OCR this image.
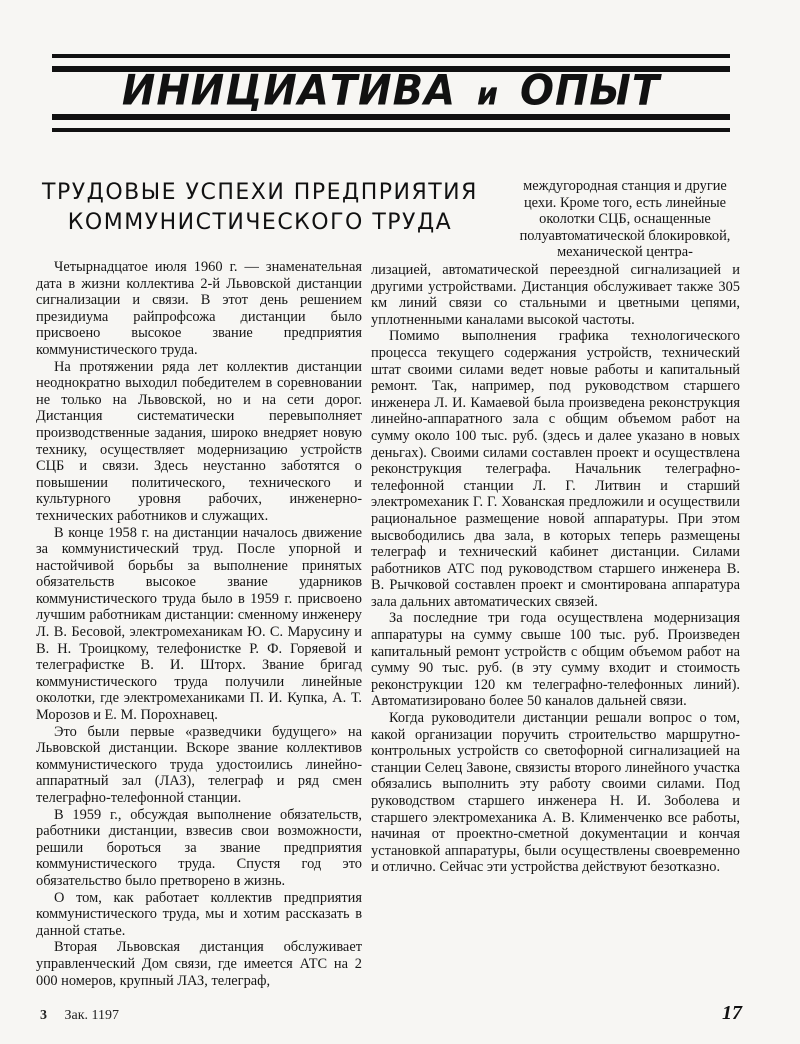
ИНИЦИАТИВА и ОПЫТ
ТРУДОВЫЕ УСПЕХИ ПРЕДПРИЯТИЯ
КОММУНИСТИЧЕСКОГО ТРУДА

междугородная станция и другие цехи. Кроме того, есть линейные околотки СЦБ, оснащенные полуавтоматической блокировкой, механической центра-

Четырнадцатое июля 1960 г. — знаменательная дата в жизни коллектива 2-й Львовской дистанции сигнализации и связи. В этот день решением президиума райпрофсожа дистанции было присвоено высокое звание предприятия коммунистического труда.

На протяжении ряда лет коллектив дистанции неоднократно выходил победителем в соревновании не только на Львовской, но и на сети дорог. Дистанция систематически перевыполняет производственные задания, широко внедряет новую технику, осуществляет модернизацию устройств СЦБ и связи. Здесь неустанно заботятся о повышении политического, технического и культурного уровня рабочих, инженерно-технических работников и служащих.

В конце 1958 г. на дистанции началось движение за коммунистический труд. После упорной и настойчивой борьбы за выполнение принятых обязательств высокое звание ударников коммунистического труда было в 1959 г. присвоено лучшим работникам дистанции: сменному инженеру Л. В. Бесовой, электромеханикам Ю. С. Марусину и В. Н. Троицкому, телефонистке Р. Ф. Горяевой и телеграфистке В. И. Шторх. Звание бригад коммунистического труда получили линейные околотки, где электромеханиками П. И. Купка, А. Т. Морозов и Е. М. Порохнавец.

Это были первые «разведчики будущего» на Львовской дистанции. Вскоре звание коллективов коммунистического труда удостоились линейно-аппаратный зал (ЛАЗ), телеграф и ряд смен телеграфно-телефонной станции.

В 1959 г., обсуждая выполнение обязательств, работники дистанции, взвесив свои возможности, решили бороться за звание предприятия коммунистического труда. Спустя год это обязательство было претворено в жизнь.

О том, как работает коллектив предприятия коммунистического труда, мы и хотим рассказать в данной статье.

Вторая Львовская дистанция обслуживает управленческий Дом связи, где имеется АТС на 2 000 номеров, крупный ЛАЗ, телеграф,

лизацией, автоматической переездной сигнализацией и другими устройствами. Дистанция обслуживает также 305 км линий связи со стальными и цветными цепями, уплотненными каналами высокой частоты.

Помимо выполнения графика технологического процесса текущего содержания устройств, технический штат своими силами ведет новые работы и капитальный ремонт. Так, например, под руководством старшего инженера Л. И. Камаевой была произведена реконструкция линейно-аппаратного зала с общим объемом работ на сумму около 100 тыс. руб. (здесь и далее указано в новых деньгах). Своими силами составлен проект и осуществлена реконструкция телеграфа. Начальник телеграфно-телефонной станции Л. Г. Литвин и старший электромеханик Г. Г. Хованская предложили и осуществили рациональное размещение новой аппаратуры. При этом высвободились два зала, в которых теперь размещены телеграф и технический кабинет дистанции. Силами работников АТС под руководством старшего инженера В. В. Рычковой составлен проект и смонтирована аппаратура зала дальних автоматических связей.

За последние три года осуществлена модернизация аппаратуры на сумму свыше 100 тыс. руб. Произведен капитальный ремонт устройств с общим объемом работ на сумму 90 тыс. руб. (в эту сумму входит и стоимость реконструкции 120 км телеграфно-телефонных линий). Автоматизировано более 50 каналов дальней связи.

Когда руководители дистанции решали вопрос о том, какой организации поручить строительство маршрутно-контрольных устройств со светофорной сигнализацией на станции Селец Завоне, связисты второго линейного участка обязались выполнить эту работу своими силами. Под руководством старшего инженера Н. И. Зоболева и старшего электромеханика А. В. Клименченко все работы, начиная от проектно-сметной документации и кончая установкой аппаратуры, были осуществлены своевременно и отлично. Сейчас эти устройства действуют безотказно.

3 Зак. 1197	17
